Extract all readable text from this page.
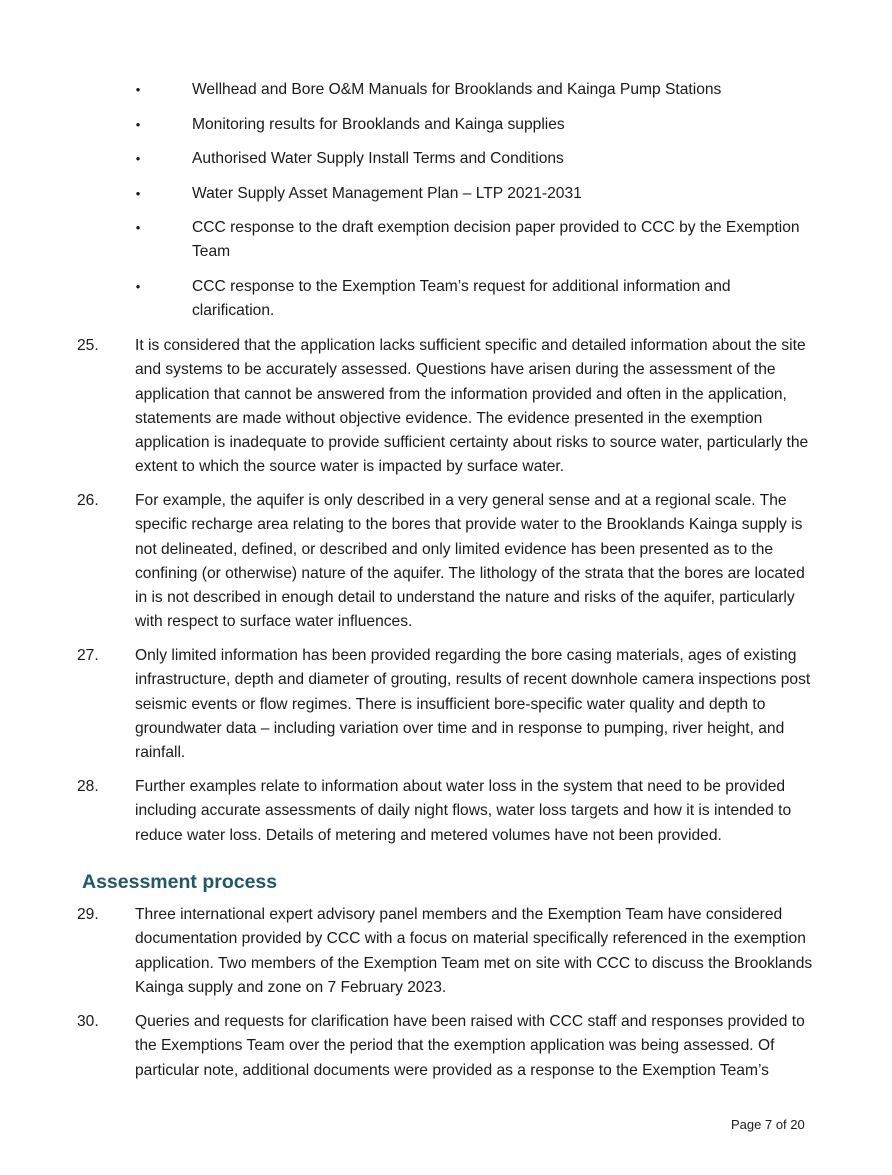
•	Wellhead and Bore O&M Manuals for Brooklands and Kainga Pump Stations
•	Monitoring results for Brooklands and Kainga supplies
•	Authorised Water Supply Install Terms and Conditions
•	Water Supply Asset Management Plan – LTP 2021-2031
•	CCC response to the draft exemption decision paper provided to CCC by the Exemption Team
•	CCC response to the Exemption Team’s request for additional information and clarification.
25.	It is considered that the application lacks sufficient specific and detailed information about the site and systems to be accurately assessed. Questions have arisen during the assessment of the application that cannot be answered from the information provided and often in the application, statements are made without objective evidence. The evidence presented in the exemption application is inadequate to provide sufficient certainty about risks to source water, particularly the extent to which the source water is impacted by surface water.
26.	For example, the aquifer is only described in a very general sense and at a regional scale. The specific recharge area relating to the bores that provide water to the Brooklands Kainga supply is not delineated, defined, or described and only limited evidence has been presented as to the confining (or otherwise) nature of the aquifer. The lithology of the strata that the bores are located in is not described in enough detail to understand the nature and risks of the aquifer, particularly with respect to surface water influences.
27.	Only limited information has been provided regarding the bore casing materials, ages of existing infrastructure, depth and diameter of grouting, results of recent downhole camera inspections post seismic events or flow regimes. There is insufficient bore-specific water quality and depth to groundwater data – including variation over time and in response to pumping, river height, and rainfall.
28.	Further examples relate to information about water loss in the system that need to be provided including accurate assessments of daily night flows, water loss targets and how it is intended to reduce water loss. Details of metering and metered volumes have not been provided.
Assessment process
29.	Three international expert advisory panel members and the Exemption Team have considered documentation provided by CCC with a focus on material specifically referenced in the exemption application. Two members of the Exemption Team met on site with CCC to discuss the Brooklands Kainga supply and zone on 7 February 2023.
30.	Queries and requests for clarification have been raised with CCC staff and responses provided to the Exemptions Team over the period that the exemption application was being assessed. Of particular note, additional documents were provided as a response to the Exemption Team’s
Page 7 of 20
